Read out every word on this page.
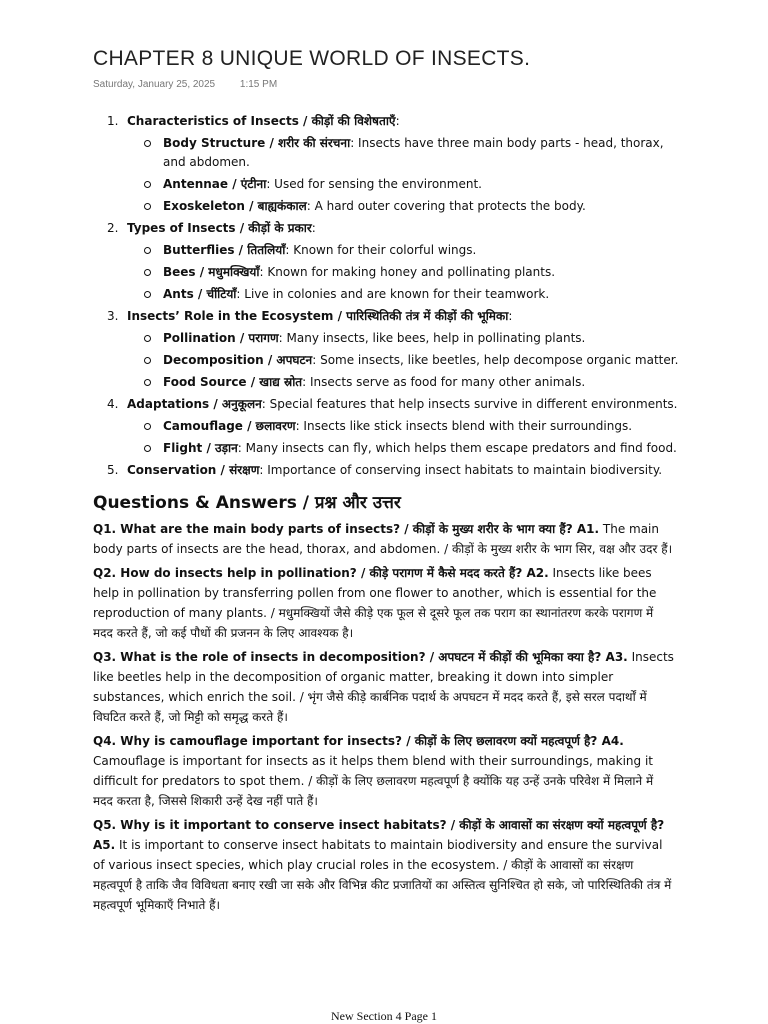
CHAPTER 8 UNIQUE WORLD OF INSECTS.
Saturday, January 25, 2025 1:15 PM
1. Characteristics of Insects / कीड़ों की विशेषताएँ:
Body Structure / शरीर की संरचना: Insects have three main body parts - head, thorax, and abdomen.
Antennae / एंटीना: Used for sensing the environment.
Exoskeleton / बाह्यकंकाल: A hard outer covering that protects the body.
2. Types of Insects / कीड़ों के प्रकार:
Butterflies / तितलियाँ: Known for their colorful wings.
Bees / मधुमक्खियाँ: Known for making honey and pollinating plants.
Ants / चींटियाँ: Live in colonies and are known for their teamwork.
3. Insects’ Role in the Ecosystem / पारिस्थितिकी तंत्र में कीड़ों की भूमिका:
Pollination / परागण: Many insects, like bees, help in pollinating plants.
Decomposition / अपघटन: Some insects, like beetles, help decompose organic matter.
Food Source / खाद्य स्रोत: Insects serve as food for many other animals.
4. Adaptations / अनुकूलन: Special features that help insects survive in different environments.
Camouflage / छलावरण: Insects like stick insects blend with their surroundings.
Flight / उड़ान: Many insects can fly, which helps them escape predators and find food.
5. Conservation / संरक्षण: Importance of conserving insect habitats to maintain biodiversity.
Questions & Answers / प्रश्न और उत्तर

Q1. What are the main body parts of insects? / कीड़ों के मुख्य शरीर के भाग क्या हैं? A1. The main body parts of insects are the head, thorax, and abdomen. / कीड़ों के मुख्य शरीर के भाग सिर, वक्ष और उदर हैं।

Q2. How do insects help in pollination? / कीड़े परागण में कैसे मदद करते हैं? A2. Insects like bees help in pollination by transferring pollen from one flower to another, which is essential for the reproduction of many plants. / मधुमक्खियों जैसे कीड़े एक फूल से दूसरे फूल तक पराग का स्थानांतरण करके परागण में मदद करते हैं, जो कई पौधों की प्रजनन के लिए आवश्यक है।

Q3. What is the role of insects in decomposition? / अपघटन में कीड़ों की भूमिका क्या है? A3. Insects like beetles help in the decomposition of organic matter, breaking it down into simpler substances, which enrich the soil. / भृंग जैसे कीड़े कार्बनिक पदार्थ के अपघटन में मदद करते हैं, इसे सरल पदार्थों में विघटित करते हैं, जो मिट्टी को समृद्ध करते हैं।

Q4. Why is camouflage important for insects? / कीड़ों के लिए छलावरण क्यों महत्वपूर्ण है? A4. Camouflage is important for insects as it helps them blend with their surroundings, making it difficult for predators to spot them. / कीड़ों के लिए छलावरण महत्वपूर्ण है क्योंकि यह उन्हें उनके परिवेश में मिलाने में मदद करता है, जिससे शिकारी उन्हें देख नहीं पाते हैं।

Q5. Why is it important to conserve insect habitats? / कीड़ों के आवासों का संरक्षण क्यों महत्वपूर्ण है? A5. It is important to conserve insect habitats to maintain biodiversity and ensure the survival of various insect species, which play crucial roles in the ecosystem. / कीड़ों के आवासों का संरक्षण महत्वपूर्ण है ताकि जैव विविधता बनाए रखी जा सके और विभिन्न कीट प्रजातियों का अस्तित्व सुनिश्चित हो सके, जो पारिस्थितिकी तंत्र में महत्वपूर्ण भूमिकाएँ निभाते हैं।

New Section 4 Page 1
